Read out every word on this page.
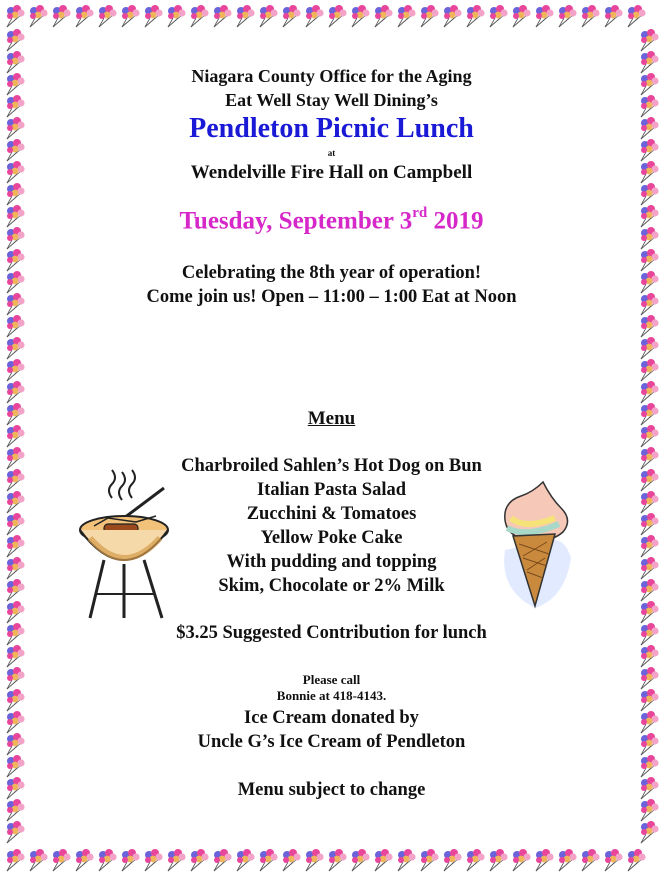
Niagara County Office for the Aging
Eat Well Stay Well Dining’s
Pendleton Picnic Lunch
at
Wendelville Fire Hall on Campbell
Tuesday, September 3rd 2019
Celebrating the 8th year of operation!
Come join us! Open – 11:00 – 1:00 Eat at Noon
Menu
Charbroiled Sahlen’s Hot Dog on Bun
Italian Pasta Salad
Zucchini & Tomatoes
Yellow Poke Cake
With pudding and topping
Skim, Chocolate or 2% Milk
$3.25 Suggested Contribution for lunch
Please call
Bonnie at 418-4143.
Ice Cream donated by
Uncle G’s Ice Cream of Pendleton
Menu subject to change
